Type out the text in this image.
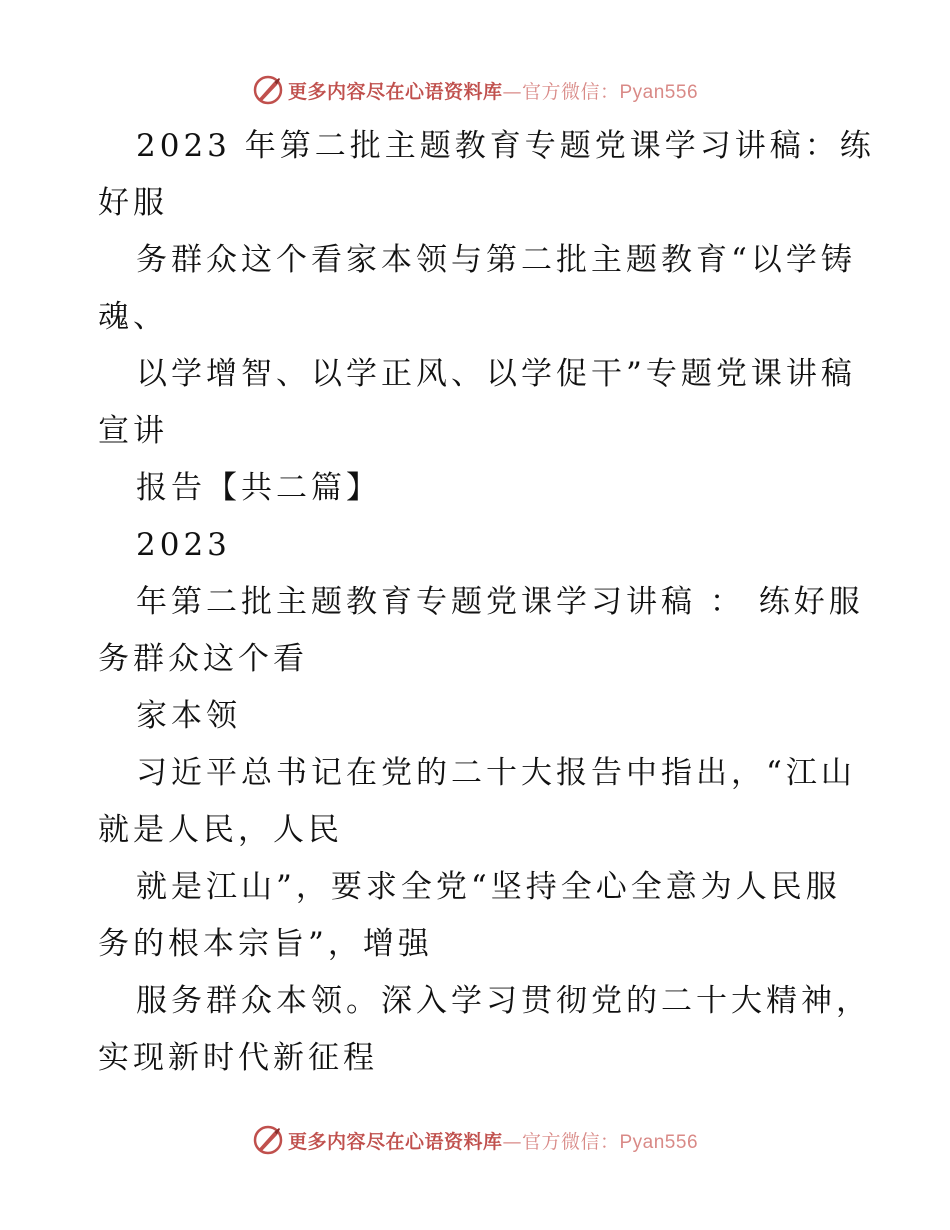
更多内容尽在心语资料库—官方微信：Pyan556
2023 年第二批主题教育专题党课学习讲稿：练
好服
务群众这个看家本领与第二批主题教育“以学铸
魂、
以学增智、以学正风、以学促干”专题党课讲稿
宣讲
报告【共二篇】
2023
年第二批主题教育专题党课学习讲稿 ： 练好服
务群众这个看
家本领
习近平总书记在党的二十大报告中指出，“江山
就是人民，人民
就是江山”，要求全党“坚持全心全意为人民服
务的根本宗旨”，增强
服务群众本领。深入学习贯彻党的二十大精神，
实现新时代新征程
更多内容尽在心语资料库—官方微信：Pyan556
